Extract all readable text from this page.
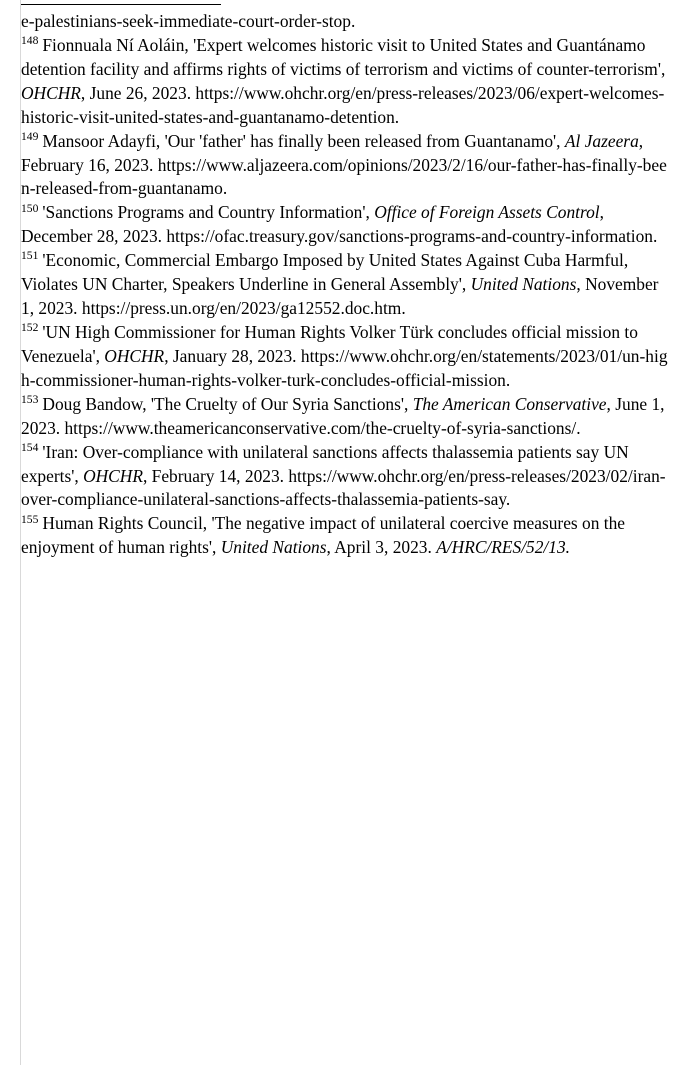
e-palestinians-seek-immediate-court-order-stop.
$^{148}$ Fionnuala Ní Aoláin, 'Expert welcomes historic visit to United States and Guantánamo detention facility and affirms rights of victims of terrorism and victims of counter-terrorism', OHCHR, June 26, 2023. https://www.ohchr.org/en/press-releases/2023/06/expert-welcomes-historic-visit-united-states-and-guantanamo-detention.
$^{149}$ Mansoor Adayfi, 'Our 'father' has finally been released from Guantanamo', Al Jazeera, February 16, 2023. https://www.aljazeera.com/opinions/2023/2/16/our-father-has-finally-been-released-from-guantanamo.
$^{150}$ 'Sanctions Programs and Country Information', Office of Foreign Assets Control, December 28, 2023. https://ofac.treasury.gov/sanctions-programs-and-country-information.
$^{151}$ 'Economic, Commercial Embargo Imposed by United States Against Cuba Harmful, Violates UN Charter, Speakers Underline in General Assembly', United Nations, November 1, 2023. https://press.un.org/en/2023/ga12552.doc.htm.
$^{152}$ 'UN High Commissioner for Human Rights Volker Türk concludes official mission to Venezuela', OHCHR, January 28, 2023. https://www.ohchr.org/en/statements/2023/01/un-high-commissioner-human-rights-volker-turk-concludes-official-mission.
$^{153}$ Doug Bandow, 'The Cruelty of Our Syria Sanctions', The American Conservative, June 1, 2023. https://www.theamericanconservative.com/the-cruelty-of-syria-sanctions/.
$^{154}$ 'Iran: Over-compliance with unilateral sanctions affects thalassemia patients say UN experts', OHCHR, February 14, 2023. https://www.ohchr.org/en/press-releases/2023/02/iran-over-compliance-unilateral-sanctions-affects-thalassemia-patients-say.
$^{155}$ Human Rights Council, 'The negative impact of unilateral coercive measures on the enjoyment of human rights', United Nations, April 3, 2023. A/HRC/RES/52/13.
